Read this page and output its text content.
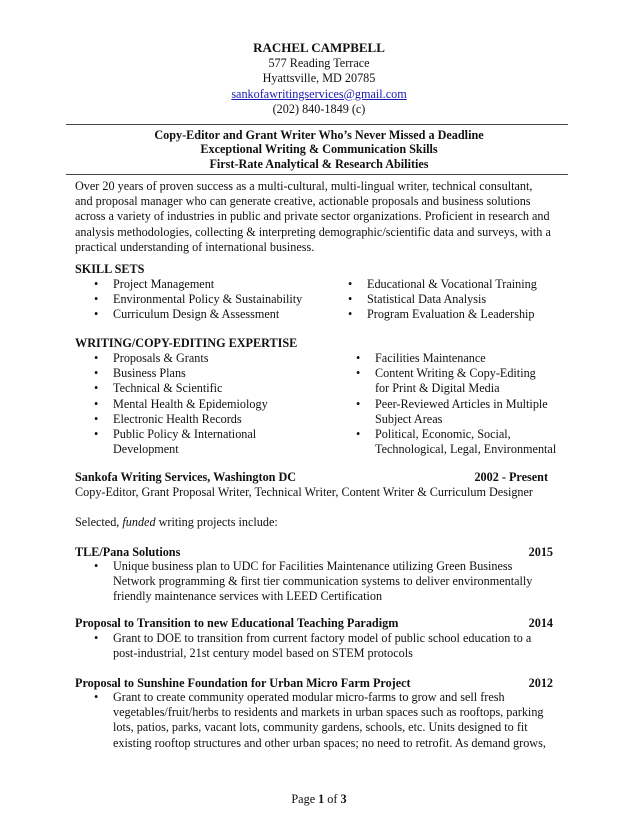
RACHEL CAMPBELL
577 Reading Terrace
Hyattsville, MD 20785
sankofawritingservices@gmail.com
(202) 840-1849 (c)
Copy-Editor and Grant Writer Who’s Never Missed a Deadline
Exceptional Writing & Communication Skills
First-Rate Analytical & Research Abilities
Over 20 years of proven success as a multi-cultural, multi-lingual writer, technical consultant, and proposal manager who can generate creative, actionable proposals and business solutions across a variety of industries in public and private sector organizations. Proficient in research and analysis methodologies, collecting & interpreting demographic/scientific data and surveys, with a practical understanding of international business.
SKILL SETS
• Project Management
• Environmental Policy & Sustainability
• Curriculum Design & Assessment
• Educational & Vocational Training
• Statistical Data Analysis
• Program Evaluation & Leadership
WRITING/COPY-EDITING EXPERTISE
• Proposals & Grants
• Business Plans
• Technical & Scientific
• Mental Health & Epidemiology
• Electronic Health Records
• Public Policy & International Development
• Facilities Maintenance
• Content Writing & Copy-Editing for Print & Digital Media
• Peer-Reviewed Articles in Multiple Subject Areas
• Political, Economic, Social, Technological, Legal, Environmental
Sankofa Writing Services, Washington DC	2002 - Present
Copy-Editor, Grant Proposal Writer, Technical Writer, Content Writer & Curriculum Designer
Selected, funded writing projects include:
TLE/Pana Solutions	2015
• Unique business plan to UDC for Facilities Maintenance utilizing Green Business Network programming & first tier communication systems to deliver environmentally friendly maintenance services with LEED Certification
Proposal to Transition to new Educational Teaching Paradigm	2014
• Grant to DOE to transition from current factory model of public school education to a post-industrial, 21st century model based on STEM protocols
Proposal to Sunshine Foundation for Urban Micro Farm Project	2012
• Grant to create community operated modular micro-farms to grow and sell fresh vegetables/fruit/herbs to residents and markets in urban spaces such as rooftops, parking lots, patios, parks, vacant lots, community gardens, schools, etc. Units designed to fit existing rooftop structures and other urban spaces; no need to retrofit. As demand grows,
Page 1 of 3
